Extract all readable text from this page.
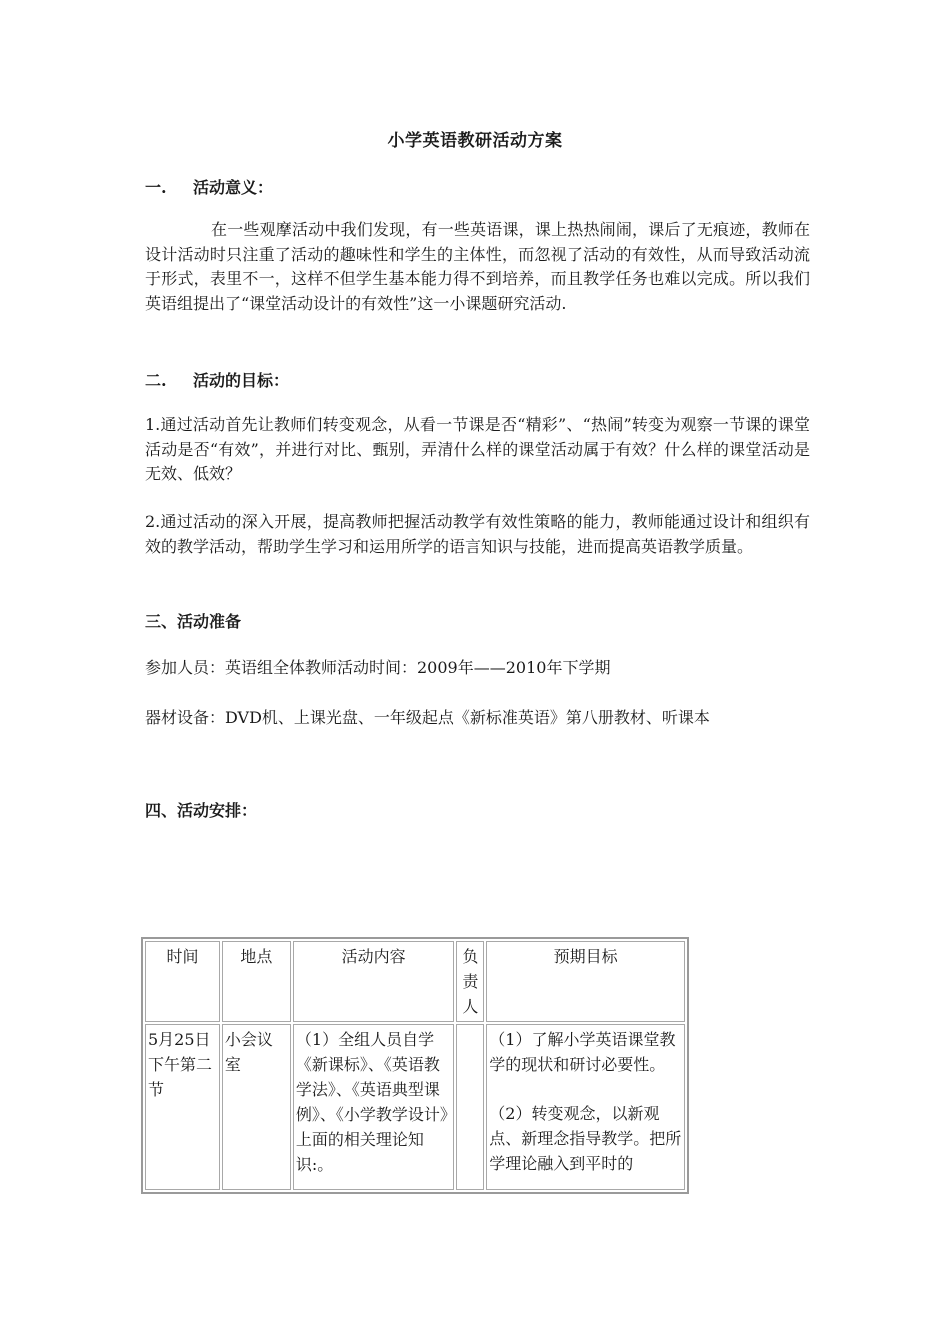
小学英语教研活动方案
一. 活动意义：
在一些观摩活动中我们发现，有一些英语课，课上热热闹闹，课后了无痕迹，教师在设计活动时只注重了活动的趣味性和学生的主体性，而忽视了活动的有效性，从而导致活动流于形式，表里不一，这样不但学生基本能力得不到培养，而且教学任务也难以完成。所以我们英语组提出了“课堂活动设计的有效性”这一小课题研究活动.
二. 活动的目标：
1.通过活动首先让教师们转变观念，从看一节课是否“精彩”、“热闹”转变为观察一节课的课堂活动是否“有效”，并进行对比、甄别，弄清什么样的课堂活动属于有效？什么样的课堂活动是无效、低效？
2.通过活动的深入开展，提高教师把握活动教学有效性策略的能力，教师能通过设计和组织有效的教学活动，帮助学生学习和运用所学的语言知识与技能，进而提高英语教学质量。
三、活动准备
参加人员：英语组全体教师活动时间：2009年——2010年下学期
器材设备：DVD机、上课光盘、一年级起点《新标准英语》第八册教材、听课本
四、活动安排：
时间	地点	活动内容	负责人	预期目标
5月25日下午第二节	小会议室	（1）全组人员自学《新课标》、《英语教学法》、《英语典型课例》、《小学教学设计》上面的相关理论知识:。		（1）了解小学英语课堂教学的现状和研讨必要性。

（2）转变观念，以新观点、新理念指导教学。把所学理论融入到平时的
